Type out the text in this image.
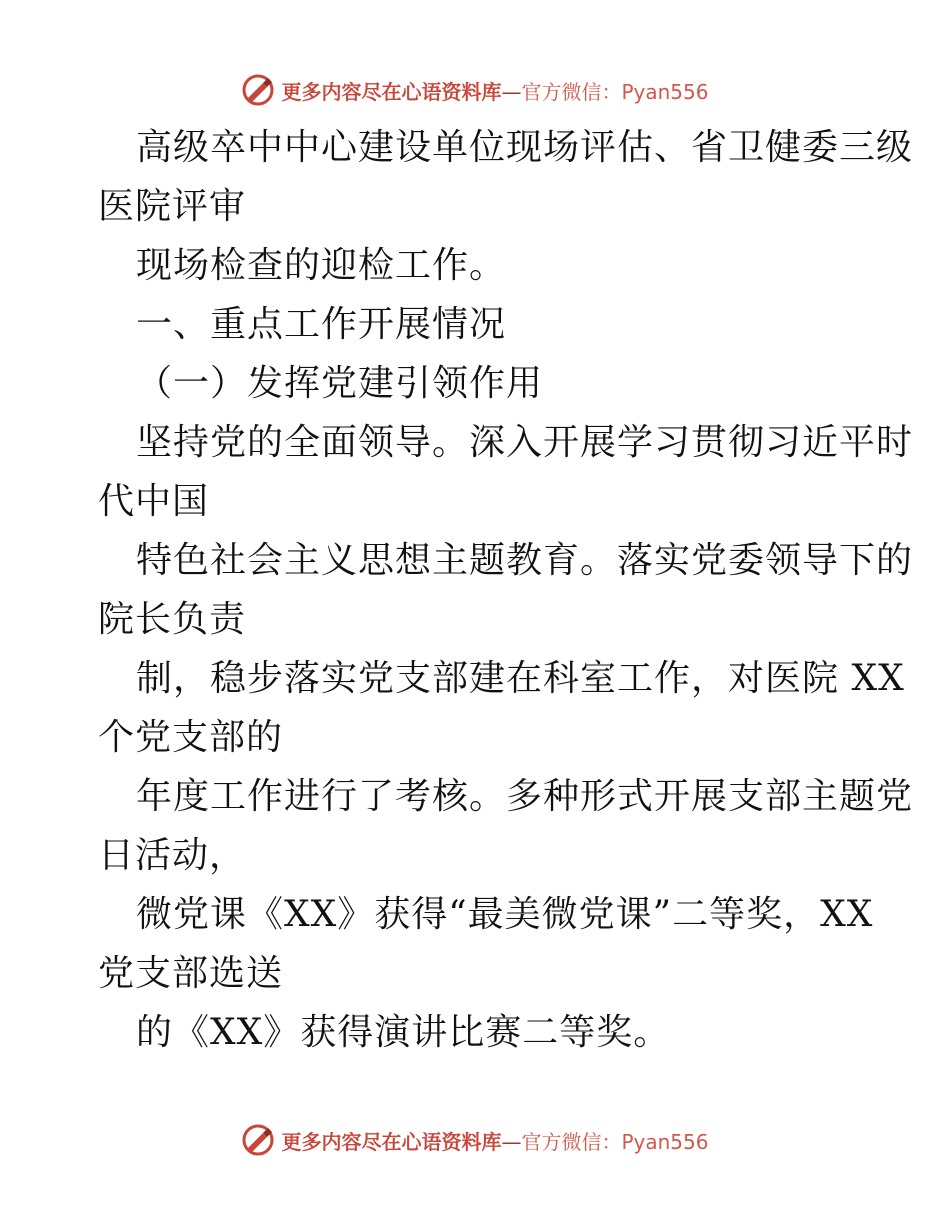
更多内容尽在心语资料库—官方微信：Pyan556
高级卒中中心建设单位现场评估、省卫健委三级
医院评审
现场检查的迎检工作。
一、重点工作开展情况
（一）发挥党建引领作用
坚持党的全面领导。深入开展学习贯彻习近平时
代中国
特色社会主义思想主题教育。落实党委领导下的
院长负责
制，稳步落实党支部建在科室工作，对医院 XX
个党支部的
年度工作进行了考核。多种形式开展支部主题党
日活动，
微党课《XX》获得“最美微党课”二等奖，XX
党支部选送
的《XX》获得演讲比赛二等奖。
更多内容尽在心语资料库—官方微信：Pyan556
